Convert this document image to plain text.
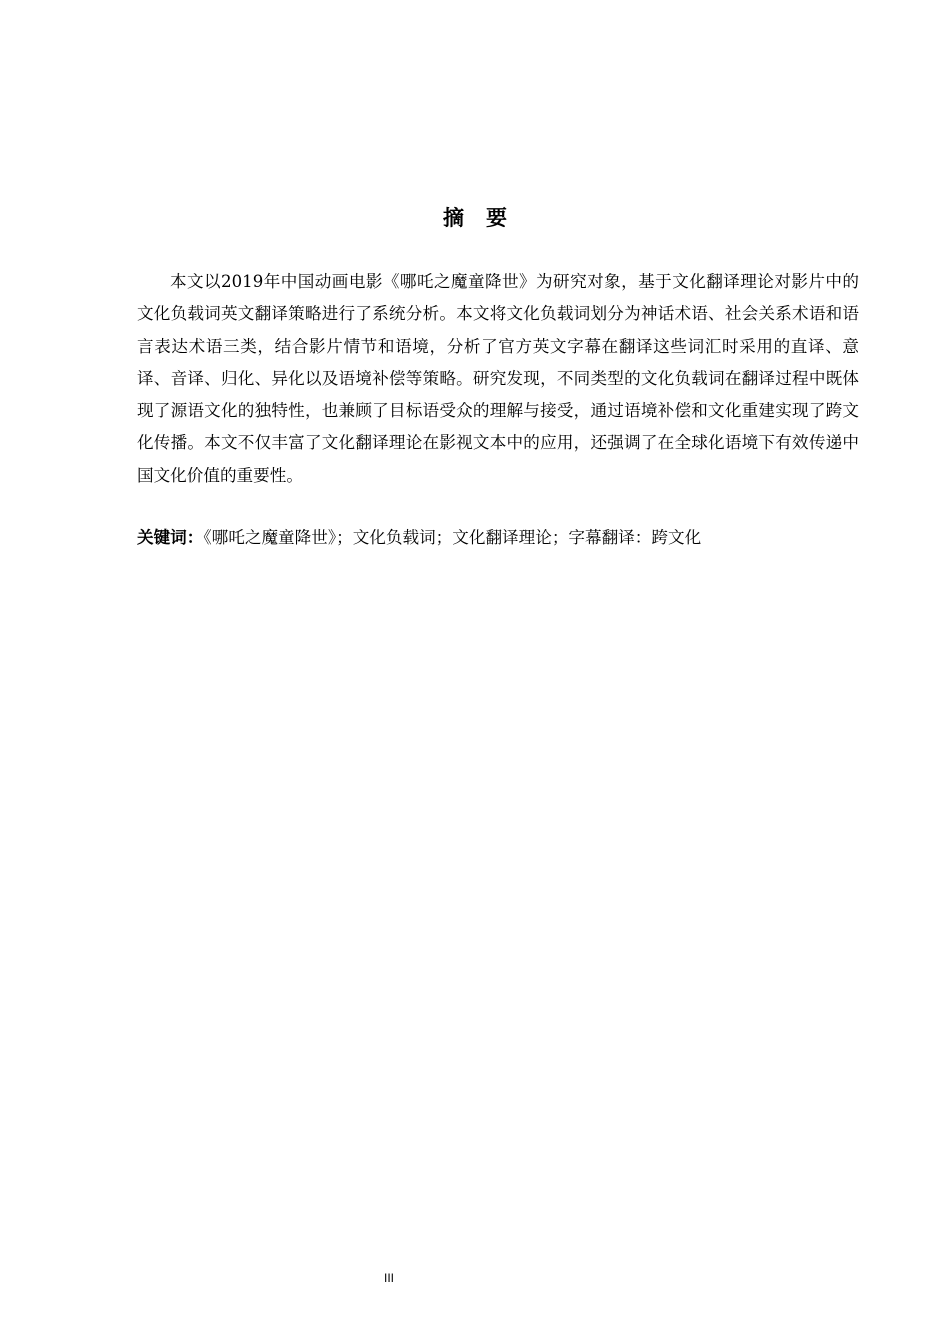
摘 要

本文以2019年中国动画电影《哪吒之魔童降世》为研究对象，基于文化翻译理论对影片中的文化负载词英文翻译策略进行了系统分析。本文将文化负载词划分为神话术语、社会关系术语和语言表达术语三类，结合影片情节和语境，分析了官方英文字幕在翻译这些词汇时采用的直译、意译、音译、归化、异化以及语境补偿等策略。研究发现，不同类型的文化负载词在翻译过程中既体现了源语文化的独特性，也兼顾了目标语受众的理解与接受，通过语境补偿和文化重建实现了跨文化传播。本文不仅丰富了文化翻译理论在影视文本中的应用，还强调了在全球化语境下有效传递中国文化价值的重要性。

关键词：《哪吒之魔童降世》；文化负载词；文化翻译理论；字幕翻译：跨文化

III
